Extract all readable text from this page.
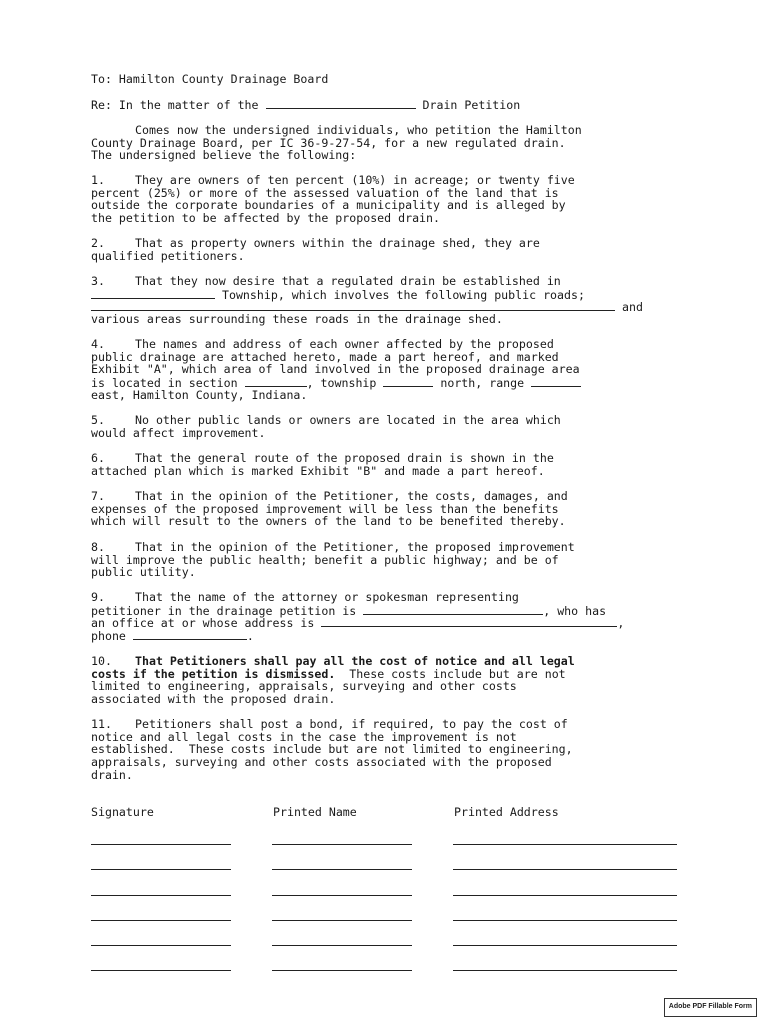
To: Hamilton County Drainage Board
Re: In the matter of the	Drain Petition
Comes now the undersigned individuals, who petition the Hamilton
County Drainage Board, per IC 36-9-27-54, for a new regulated drain.
The undersigned believe the following:
1.	They are owners of ten percent (10%) in acreage; or twenty five
percent (25%) or more of the assessed valuation of the land that is
outside the corporate boundaries of a municipality and is alleged by
the petition to be affected by the proposed drain.
2.	That as property owners within the drainage shed, they are
qualified petitioners.
3.	That they now desire that a regulated drain be established in
Township, which involves the following public roads;
and
various areas surrounding these roads in the drainage shed.
4.	The names and address of each owner affected by the proposed
public drainage are attached hereto, made a part hereof, and marked
Exhibit "A", which area of land involved in the proposed drainage area
is located in section	, township	north, range
east, Hamilton County, Indiana.
5.	No other public lands or owners are located in the area which
would affect improvement.
6.	That the general route of the proposed drain is shown in the
attached plan which is marked Exhibit "B" and made a part hereof.
7.	That in the opinion of the Petitioner, the costs, damages, and
expenses of the proposed improvement will be less than the benefits
which will result to the owners of the land to be benefited thereby.
8.	That in the opinion of the Petitioner, the proposed improvement
will improve the public health; benefit a public highway; and be of
public utility.
9.	That the name of the attorney or spokesman representing
petitioner in the drainage petition is	, who has
an office at or whose address is	,
phone	.
10. That Petitioners shall pay all the cost of notice and all legal
costs if the petition is dismissed.  These costs include but are not
limited to engineering, appraisals, surveying and other costs
associated with the proposed drain.
11. Petitioners shall post a bond, if required, to pay the cost of
notice and all legal costs in the case the improvement is not
established.  These costs include but are not limited to engineering,
appraisals, surveying and other costs associated with the proposed
drain.
Signature	Printed Name	Printed Address
Adobe PDF Fillable Form
